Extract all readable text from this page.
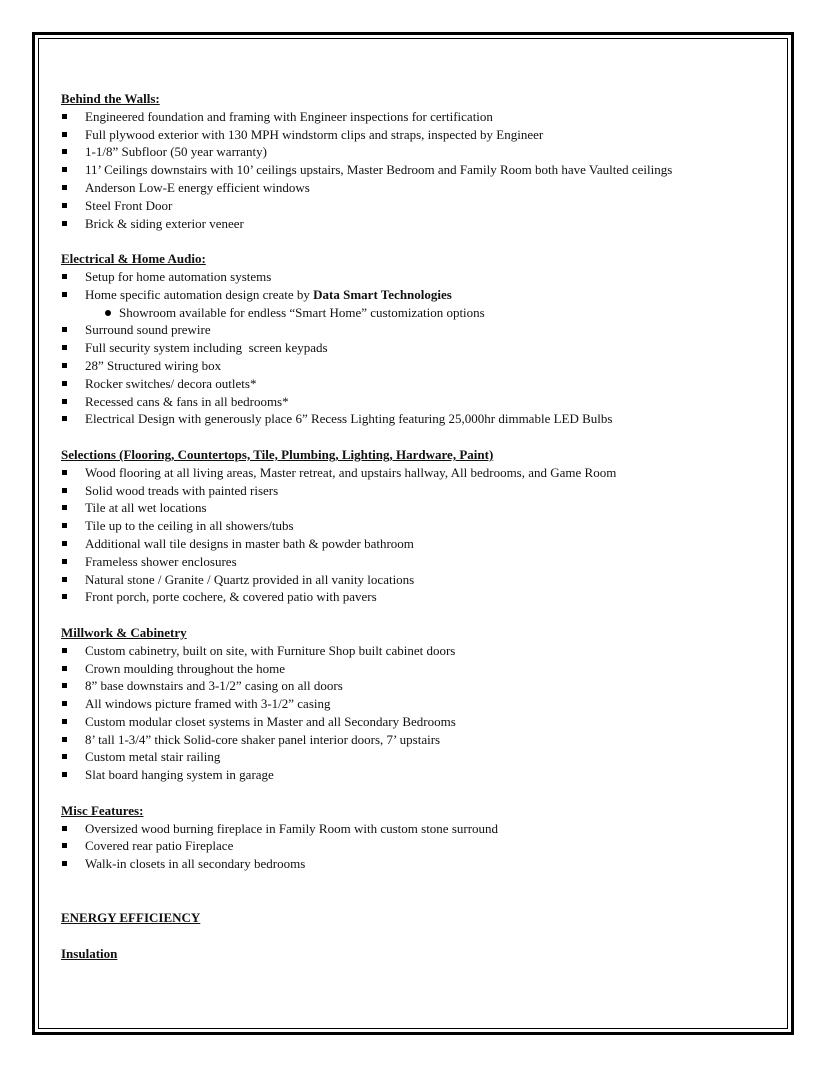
Behind the Walls:
Engineered foundation and framing with Engineer inspections for certification
Full plywood exterior with 130 MPH windstorm clips and straps, inspected by Engineer
1-1/8” Subfloor (50 year warranty)
11’ Ceilings downstairs with 10’ ceilings upstairs, Master Bedroom and Family Room both have Vaulted ceilings
Anderson Low-E energy efficient windows
Steel Front Door
Brick & siding exterior veneer
Electrical & Home Audio:
Setup for home automation systems
Home specific automation design create by Data Smart Technologies
Showroom available for endless “Smart Home” customization options
Surround sound prewire
Full security system including  screen keypads
28” Structured wiring box
Rocker switches/ decora outlets*
Recessed cans & fans in all bedrooms*
Electrical Design with generously place 6” Recess Lighting featuring 25,000hr dimmable LED Bulbs
Selections (Flooring, Countertops, Tile, Plumbing, Lighting, Hardware, Paint)
Wood flooring at all living areas, Master retreat, and upstairs hallway, All bedrooms, and Game Room
Solid wood treads with painted risers
Tile at all wet locations
Tile up to the ceiling in all showers/tubs
Additional wall tile designs in master bath & powder bathroom
Frameless shower enclosures
Natural stone / Granite / Quartz provided in all vanity locations
Front porch, porte cochere, & covered patio with pavers
Millwork & Cabinetry
Custom cabinetry, built on site, with Furniture Shop built cabinet doors
Crown moulding throughout the home
8” base downstairs and 3-1/2” casing on all doors
All windows picture framed with 3-1/2” casing
Custom modular closet systems in Master and all Secondary Bedrooms
8’ tall 1-3/4” thick Solid-core shaker panel interior doors, 7’ upstairs
Custom metal stair railing
Slat board hanging system in garage
Misc Features:
Oversized wood burning fireplace in Family Room with custom stone surround
Covered rear patio Fireplace
Walk-in closets in all secondary bedrooms
ENERGY EFFICIENCY
Insulation
